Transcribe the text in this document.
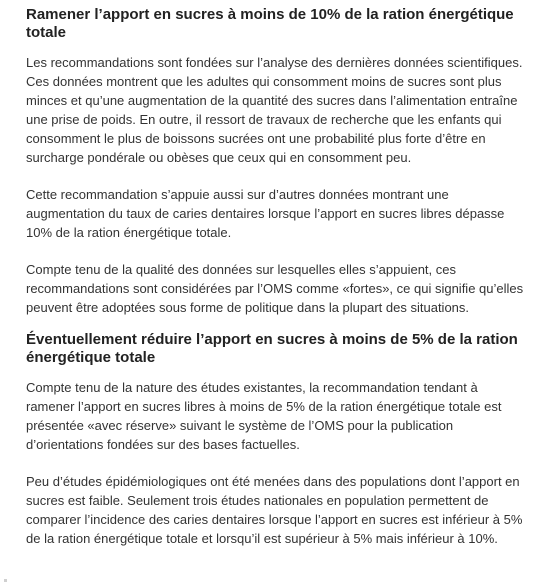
Ramener l’apport en sucres à moins de 10% de la ration énergétique totale

Les recommandations sont fondées sur l’analyse des dernières données scientifiques. Ces données montrent que les adultes qui consomment moins de sucres sont plus minces et qu’une augmentation de la quantité des sucres dans l’alimentation entraîne une prise de poids. En outre, il ressort de travaux de recherche que les enfants qui consomment le plus de boissons sucrées ont une probabilité plus forte d’être en surcharge pondérale ou obèses que ceux qui en consomment peu.

Cette recommandation s’appuie aussi sur d’autres données montrant une augmentation du taux de caries dentaires lorsque l’apport en sucres libres dépasse 10% de la ration énergétique totale.

Compte tenu de la qualité des données sur lesquelles elles s’appuient, ces recommandations sont considérées par l’OMS comme «fortes», ce qui signifie qu’elles peuvent être adoptées sous forme de politique dans la plupart des situations.

Éventuellement réduire l’apport en sucres à moins de 5% de la ration énergétique totale

Compte tenu de la nature des études existantes, la recommandation tendant à ramener l’apport en sucres libres à moins de 5% de la ration énergétique totale est présentée «avec réserve» suivant le système de l’OMS pour la publication d’orientations fondées sur des bases factuelles.

Peu d’études épidémiologiques ont été menées dans des populations dont l’apport en sucres est faible. Seulement trois études nationales en population permettent de comparer l’incidence des caries dentaires lorsque l’apport en sucres est inférieur à 5% de la ration énergétique totale et lorsqu’il est supérieur à 5% mais inférieur à 10%.
